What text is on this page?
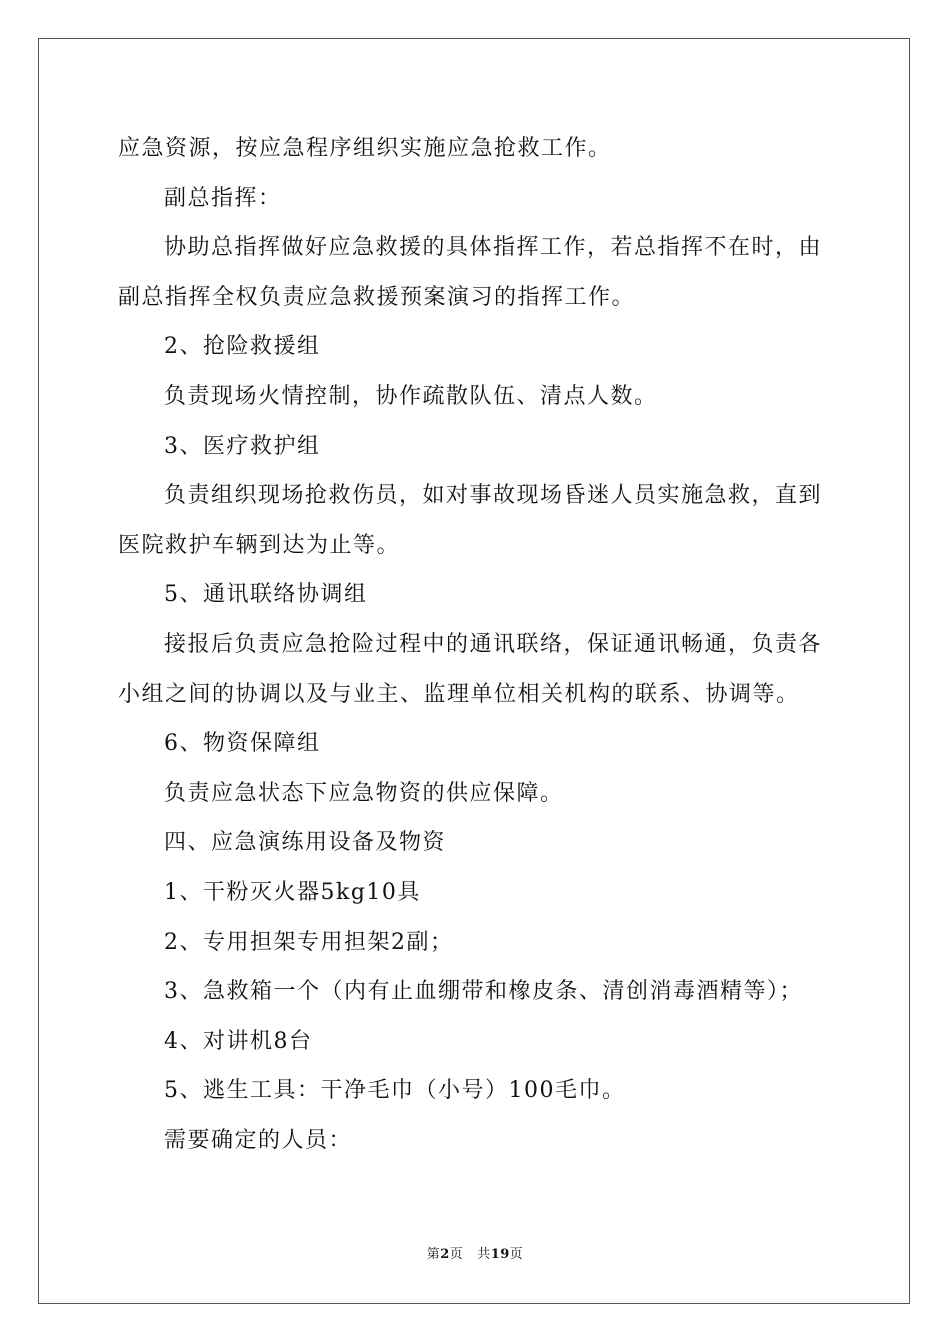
应急资源，按应急程序组织实施应急抢救工作。
副总指挥：
协助总指挥做好应急救援的具体指挥工作，若总指挥不在时，由
副总指挥全权负责应急救援预案演习的指挥工作。
2、抢险救援组
负责现场火情控制，协作疏散队伍、清点人数。
3、医疗救护组
负责组织现场抢救伤员，如对事故现场昏迷人员实施急救，直到
医院救护车辆到达为止等。
5、通讯联络协调组
接报后负责应急抢险过程中的通讯联络，保证通讯畅通，负责各
小组之间的协调以及与业主、监理单位相关机构的联系、协调等。
6、物资保障组
负责应急状态下应急物资的供应保障。
四、应急演练用设备及物资
1、干粉灭火器5kg10具
2、专用担架专用担架2副；
3、急救箱一个（内有止血绷带和橡皮条、清创消毒酒精等）；
4、对讲机8台
5、逃生工具：干净毛巾（小号）100毛巾。
需要确定的人员：
第2页 共19页
